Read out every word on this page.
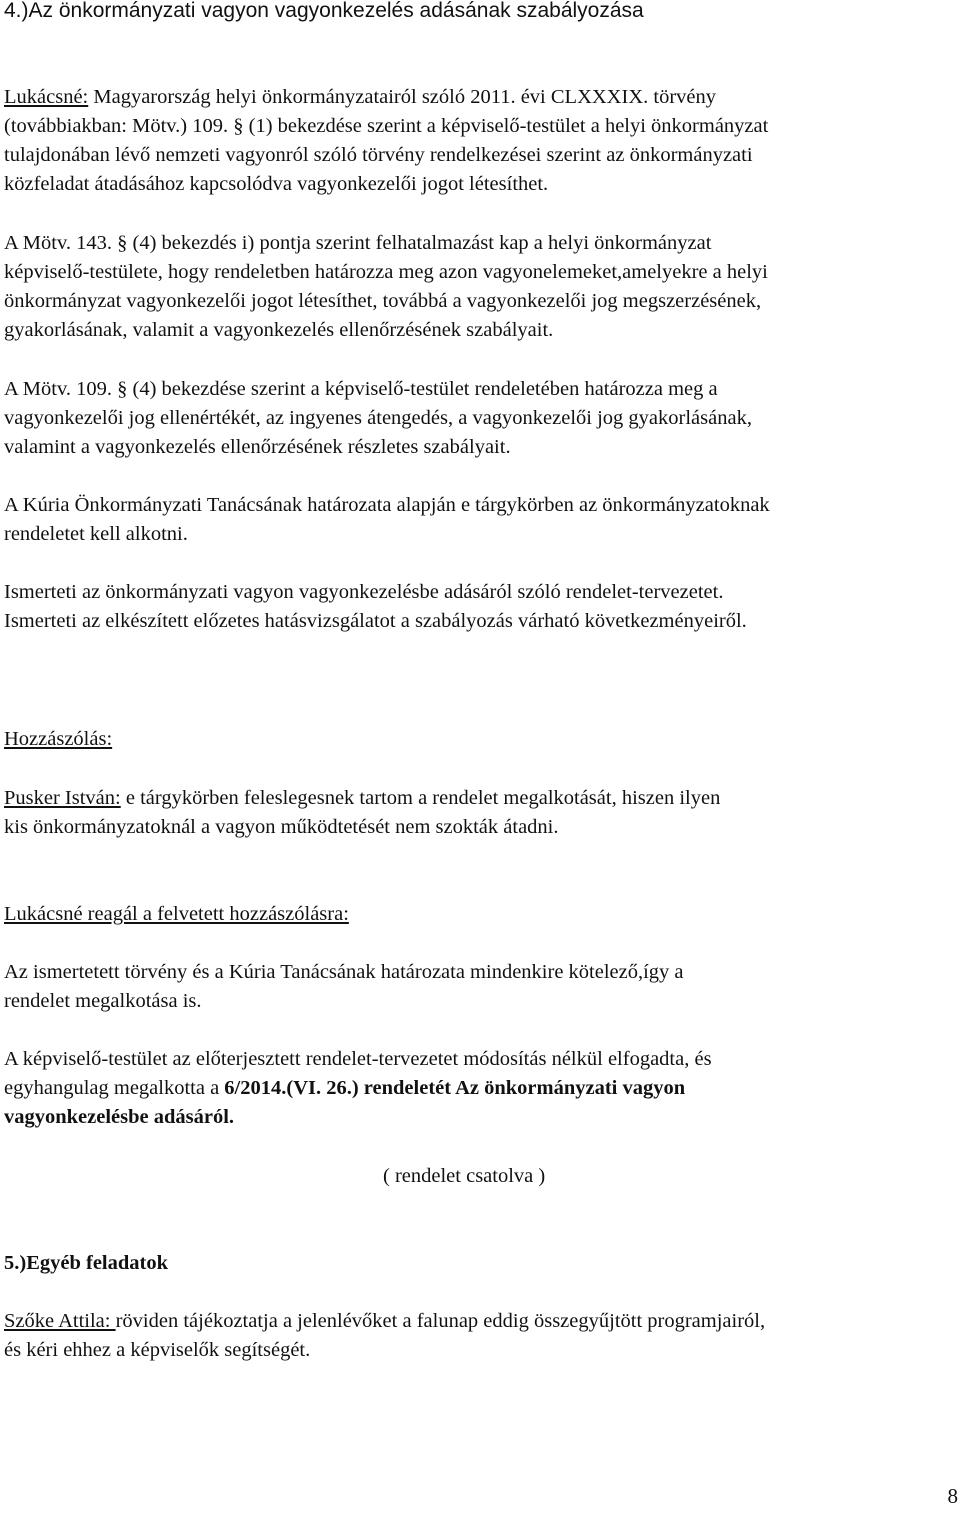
4.)Az önkormányzati vagyon vagyonkezelés adásának szabályozása
Lukácsné: Magyarország helyi önkormányzatairól szóló 2011. évi CLXXXIX. törvény
(továbbiakban: Mötv.) 109. § (1) bekezdése szerint a képviselő-testület a helyi önkormányzat
tulajdonában lévő nemzeti vagyonról szóló törvény rendelkezései szerint az önkormányzati
közfeladat átadásához kapcsolódva vagyonkezelői jogot létesíthet.
A Mötv. 143. § (4) bekezdés i) pontja szerint felhatalmazást kap a helyi önkormányzat
képviselő-testülete, hogy rendeletben határozza meg azon vagyonelemeket,amelyekre a helyi
önkormányzat vagyonkezelői jogot létesíthet, továbbá a vagyonkezelői jog megszerzésének,
gyakorlásának, valamit a vagyonkezelés ellenőrzésének szabályait.
A Mötv. 109. § (4) bekezdése szerint a képviselő-testület rendeletében határozza meg a
vagyonkezelői jog ellenértékét, az ingyenes átengedés, a vagyonkezelői jog gyakorlásának,
valamint a vagyonkezelés ellenőrzésének részletes szabályait.
A Kúria Önkormányzati Tanácsának határozata alapján e tárgykörben az önkormányzatoknak
rendeletet kell alkotni.
Ismerteti az önkormányzati vagyon vagyonkezelésbe adásáról szóló rendelet-tervezetet.
Ismerteti az elkészített előzetes hatásvizsgálatot a szabályozás várható következményeiről.
Hozzászólás:
Pusker István: e tárgykörben feleslegesnek tartom a rendelet megalkotását, hiszen ilyen
kis önkormányzatoknál a vagyon működtetését nem szokták átadni.
Lukácsné reagál a felvetett hozzászólásra:
Az ismertetett törvény és a Kúria Tanácsának határozata mindenkire kötelező,így a
rendelet megalkotása is.
A képviselő-testület az előterjesztett rendelet-tervezetet módosítás nélkül elfogadta, és
egyhangulag megalkotta a 6/2014.(VI. 26.) rendeletét Az önkormányzati vagyon
vagyonkezelésbe adásáról.
( rendelet csatolva )
5.)Egyéb feladatok
Szőke Attila: röviden tájékoztatja a jelenlévőket a falunap eddig összegyűjtött programjairól,
és kéri ehhez a képviselők segítségét.
8
